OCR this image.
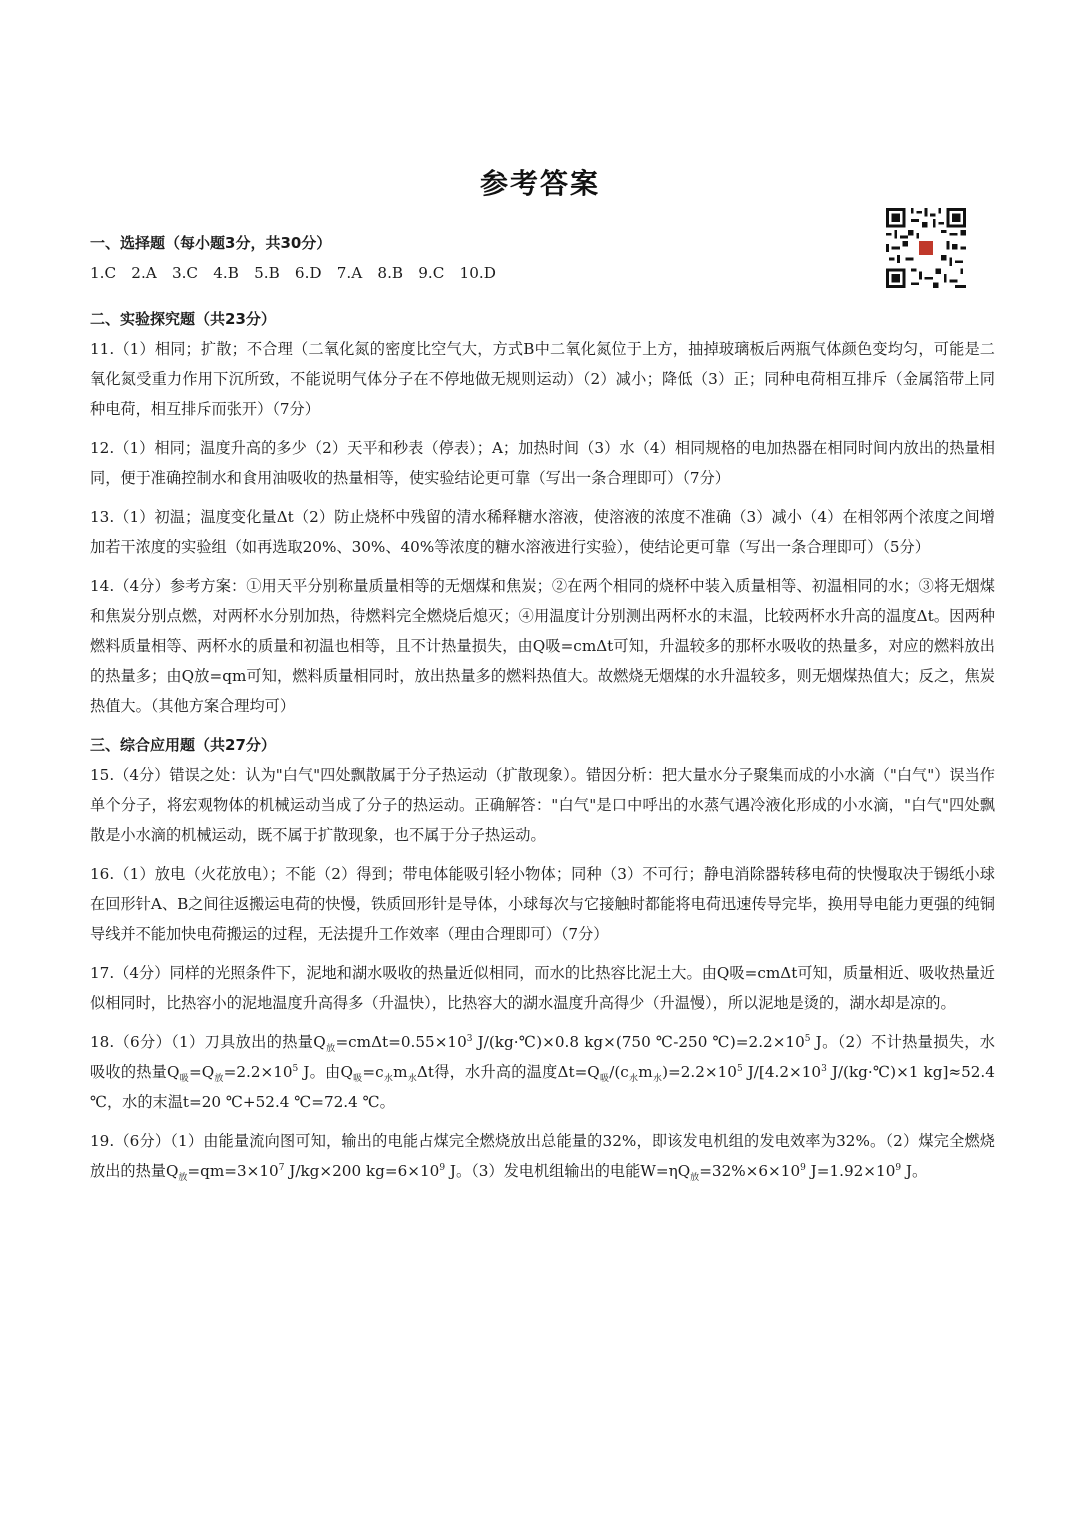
参考答案
一、选择题（每小题3分，共30分）
1.C　2.A　3.C　4.B　5.B　6.D　7.A　8.B　9.C　10.D
二、实验探究题（共23分）

11.（1）相同；扩散；不合理（二氧化氮的密度比空气大，方式B中二氧化氮位于上方，抽掉玻璃板后两瓶气体颜色变均匀，可能是二氧化氮受重力作用下沉所致，不能说明气体分子在不停地做无规则运动）（2）减小；降低（3）正；同种电荷相互排斥（金属箔带上同种电荷，相互排斥而张开）（7分）

12.（1）相同；温度升高的多少（2）天平和秒表（停表）；A；加热时间（3）水（4）相同规格的电加热器在相同时间内放出的热量相同，便于准确控制水和食用油吸收的热量相等，使实验结论更可靠（写出一条合理即可）（7分）

13.（1）初温；温度变化量Δt（2）防止烧杯中残留的清水稀释糖水溶液，使溶液的浓度不准确（3）减小（4）在相邻两个浓度之间增加若干浓度的实验组（如再选取20%、30%、40%等浓度的糖水溶液进行实验），使结论更可靠（写出一条合理即可）（5分）

14.（4分）参考方案：①用天平分别称量质量相等的无烟煤和焦炭；②在两个相同的烧杯中装入质量相等、初温相同的水；③将无烟煤和焦炭分别点燃，对两杯水分别加热，待燃料完全燃烧后熄灭；④用温度计分别测出两杯水的末温，比较两杯水升高的温度Δt。因两种燃料质量相等、两杯水的质量和初温也相等，且不计热量损失，由Q吸=cmΔt可知，升温较多的那杯水吸收的热量多，对应的燃料放出的热量多；由Q放=qm可知，燃料质量相同时，放出热量多的燃料热值大。故燃烧无烟煤的水升温较多，则无烟煤热值大；反之，焦炭热值大。（其他方案合理均可）

三、综合应用题（共27分）

15.（4分）错误之处：认为"白气"四处飘散属于分子热运动（扩散现象）。错因分析：把大量水分子聚集而成的小水滴（"白气"）误当作单个分子，将宏观物体的机械运动当成了分子的热运动。正确解答："白气"是口中呼出的水蒸气遇冷液化形成的小水滴，"白气"四处飘散是小水滴的机械运动，既不属于扩散现象，也不属于分子热运动。

16.（1）放电（火花放电）；不能（2）得到；带电体能吸引轻小物体；同种（3）不可行；静电消除器转移电荷的快慢取决于锡纸小球在回形针A、B之间往返搬运电荷的快慢，铁质回形针是导体，小球每次与它接触时都能将电荷迅速传导完毕，换用导电能力更强的纯铜导线并不能加快电荷搬运的过程，无法提升工作效率（理由合理即可）（7分）

17.（4分）同样的光照条件下，泥地和湖水吸收的热量近似相同，而水的比热容比泥土大。由Q吸=cmΔt可知，质量相近、吸收热量近似相同时，比热容小的泥地温度升高得多（升温快），比热容大的湖水温度升高得少（升温慢），所以泥地是烫的，湖水却是凉的。

18.（6分）（1）刀具放出的热量$Q_放=cm\Delta t=0.55\times 10^3$ J/(kg·℃)×0.8 kg×(750 ℃-250 $℃)=2.2\times 10^5$ J。（2）不计热量损失，水吸收的热量$Q_吸=Q_放=2.2\times 10^5$ J。由$Q_吸=c_水m_水\Delta t$得，水升高的温度$\Delta t=Q_吸/(c_水m_水)=2.2\times 10^5$ $J/[4.2\times 10^3$ J/(kg·℃)×1 kg]≈52.4 ℃，水的末温t=20 ℃+52.4 ℃=72.4 ℃。

19.（6分）（1）由能量流向图可知，输出的电能占煤完全燃烧放出总能量的32%，即该发电机组的发电效率为32%。（2）煤完全燃烧放出的热量$Q_放=qm=3\times 10^7$ J/kg×200 $kg=6\times 10^9$ J。（3）发电机组输出的电能$W=\eta Q_放=32\%\times 6\times 10^9$ $J=1.92\times 10^9$ J。
